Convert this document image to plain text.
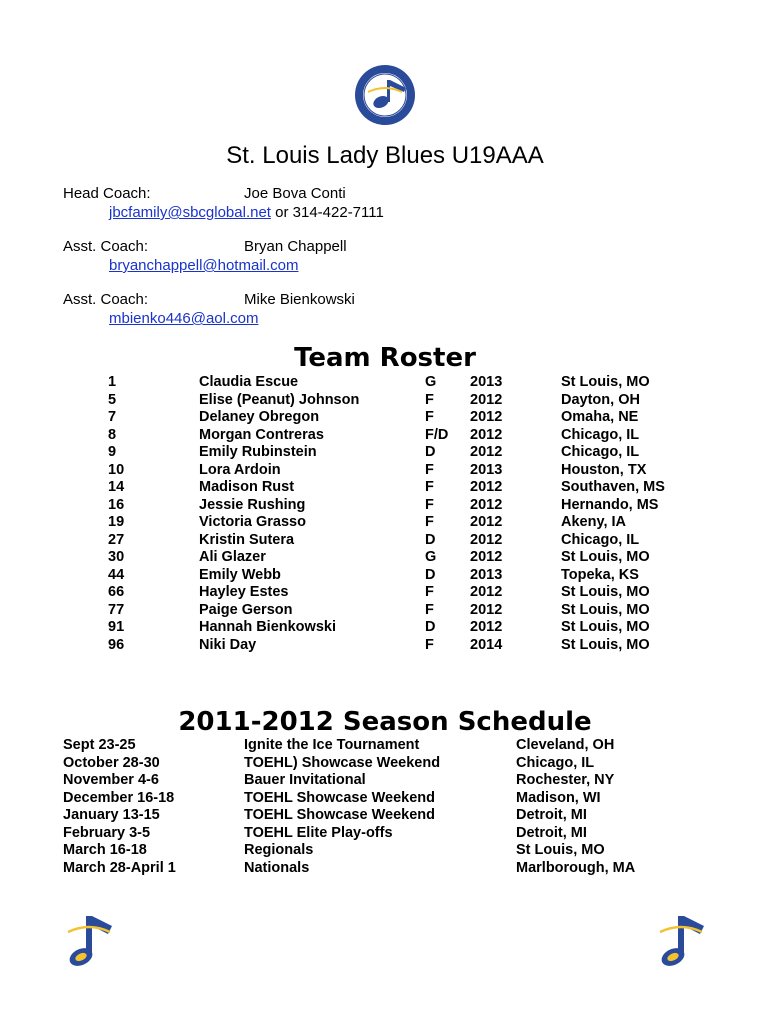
St. Louis Lady Blues U19AAA
Head Coach:	Joe Bova Conti
jbcfamily@sbcglobal.net or 314-422-7111
Asst. Coach:	Bryan Chappell
bryanchappell@hotmail.com
Asst. Coach:	Mike Bienkowski
mbienko446@aol.com
Team Roster
1	Claudia Escue	G 2013	St Louis, MO
5	Elise (Peanut) Johnson	F 2012	Dayton, OH
7	Delaney Obregon	F 2012	Omaha, NE
8	Morgan Contreras	F/D 2012	Chicago, IL
9	Emily Rubinstein	D 2012	Chicago, IL
10	Lora Ardoin	F 2013	Houston, TX
14	Madison Rust	F 2012	Southaven, MS
16	Jessie Rushing	F 2012	Hernando, MS
19	Victoria Grasso	F 2012	Akeny, IA
27	Kristin Sutera	D 2012	Chicago, IL
30	Ali Glazer	G 2012	St Louis, MO
44	Emily Webb	D 2013	Topeka, KS
66	Hayley Estes	F 2012	St Louis, MO
77	Paige Gerson	F 2012	St Louis, MO
91	Hannah Bienkowski	D 2012	St Louis, MO
96	Niki Day	F 2014	St Louis, MO
2011-2012 Season Schedule
Sept 23-25	Ignite the Ice Tournament	Cleveland, OH
October 28-30	TOEHL) Showcase Weekend	Chicago, IL
November 4-6	Bauer Invitational	Rochester, NY
December 16-18	TOEHL Showcase Weekend	Madison, WI
January 13-15	TOEHL Showcase Weekend	Detroit, MI
February 3-5	TOEHL Elite Play-offs	Detroit, MI
March 16-18	Regionals	St Louis, MO
March 28-April 1	Nationals	Marlborough, MA
